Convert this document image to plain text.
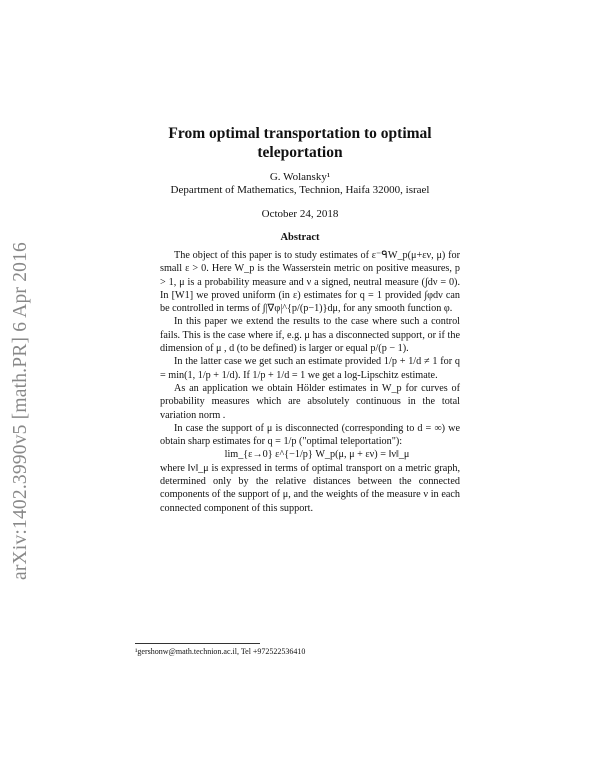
arXiv:1402.3990v5 [math.PR] 6 Apr 2016
From optimal transportation to optimal
teleportation
G. Wolansky¹
Department of Mathematics, Technion, Haifa 32000, israel
October 24, 2018
Abstract

The object of this paper is to study estimates of ε⁻ᑫW_p(μ+εν, μ) for small ε > 0. Here W_p is the Wasserstein metric on positive measures, p > 1, μ is a probability measure and ν a signed, neutral measure (∫dν = 0). In [W1] we proved uniform (in ε) estimates for q = 1 provided ∫φdν can be controlled in terms of ∫|∇φ|^{p/(p−1)}dμ, for any smooth function φ.

In this paper we extend the results to the case where such a control fails. This is the case where if, e.g. μ has a disconnected support, or if the dimension of μ , d (to be defined) is larger or equal p/(p − 1).

In the latter case we get such an estimate provided 1/p + 1/d ≠ 1 for q = min(1, 1/p + 1/d). If 1/p + 1/d = 1 we get a log-Lipschitz estimate.

As an application we obtain Hölder estimates in W_p for curves of probability measures which are absolutely continuous in the total variation norm .

In case the support of μ is disconnected (corresponding to d = ∞) we obtain sharp estimates for q = 1/p ("optimal teleportation"):

lim_{ε→0} ε^{−1/p} W_p(μ, μ + εν) = ‖ν‖_μ

where ‖ν‖_μ is expressed in terms of optimal transport on a metric graph, determined only by the relative distances between the connected components of the support of μ, and the weights of the measure ν in each connected component of this support.

¹gershonw@math.technion.ac.il, Tel +972522536410
